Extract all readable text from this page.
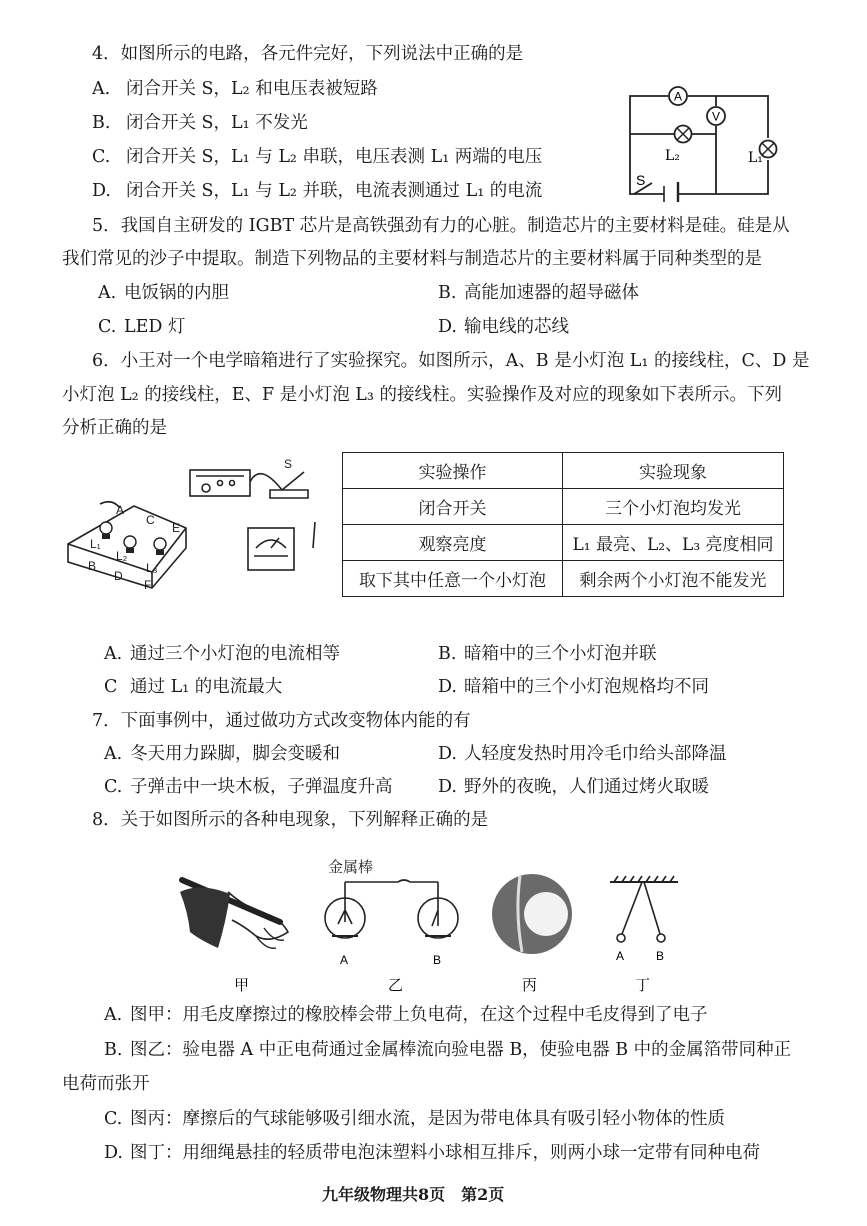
4．如图所示的电路，各元件完好，下列说法中正确的是
A. 闭合开关 S，L₂ 和电压表被短路
B. 闭合开关 S，L₁ 不发光
C. 闭合开关 S，L₁ 与 L₂ 串联，电压表测 L₁ 两端的电压
D. 闭合开关 S，L₁ 与 L₂ 并联，电流表测通过 L₁ 的电流
A
V
L₂	L₁
S
5．我国自主研发的 IGBT 芯片是高铁强劲有力的心脏。制造芯片的主要材料是硅。硅是从
我们常见的沙子中提取。制造下列物品的主要材料与制造芯片的主要材料属于同种类型的是
A. 电饭锅的内胆	B. 高能加速器的超导磁体
C. LED 灯	D. 输电线的芯线
6．小王对一个电学暗箱进行了实验探究。如图所示，A、B 是小灯泡 L₁ 的接线柱，C、D 是
小灯泡 L₂ 的接线柱，E、F 是小灯泡 L₃ 的接线柱。实验操作及对应的现象如下表所示。下列
分析正确的是
S
A
C
E
B
D
F
L₁
L₂
L₃
实验操作	实验现象
闭合开关	三个小灯泡均发光
观察亮度	L₁ 最亮、L₂、L₃ 亮度相同
取下其中任意一个小灯泡	剩余两个小灯泡不能发光
A. 通过三个小灯泡的电流相等	B. 暗箱中的三个小灯泡并联
C 通过 L₁ 的电流最大	D. 暗箱中的三个小灯泡规格均不同
7．下面事例中，通过做功方式改变物体内能的有
A. 冬天用力跺脚，脚会变暖和	D. 人轻度发热时用冷毛巾给头部降温
C. 子弹击中一块木板，子弹温度升高	D. 野外的夜晚，人们通过烤火取暖
8．关于如图所示的各种电现象，下列解释正确的是
金属棒
A	B	A	B
甲	乙	丙	丁
A. 图甲：用毛皮摩擦过的橡胶棒会带上负电荷，在这个过程中毛皮得到了电子
B. 图乙：验电器 A 中正电荷通过金属棒流向验电器 B，使验电器 B 中的金属箔带同种正
电荷而张开
C. 图丙：摩擦后的气球能够吸引细水流，是因为带电体具有吸引轻小物体的性质
D. 图丁：用细绳悬挂的轻质带电泡沫塑料小球相互排斥，则两小球一定带有同种电荷
九年级物理共8页　第2页
